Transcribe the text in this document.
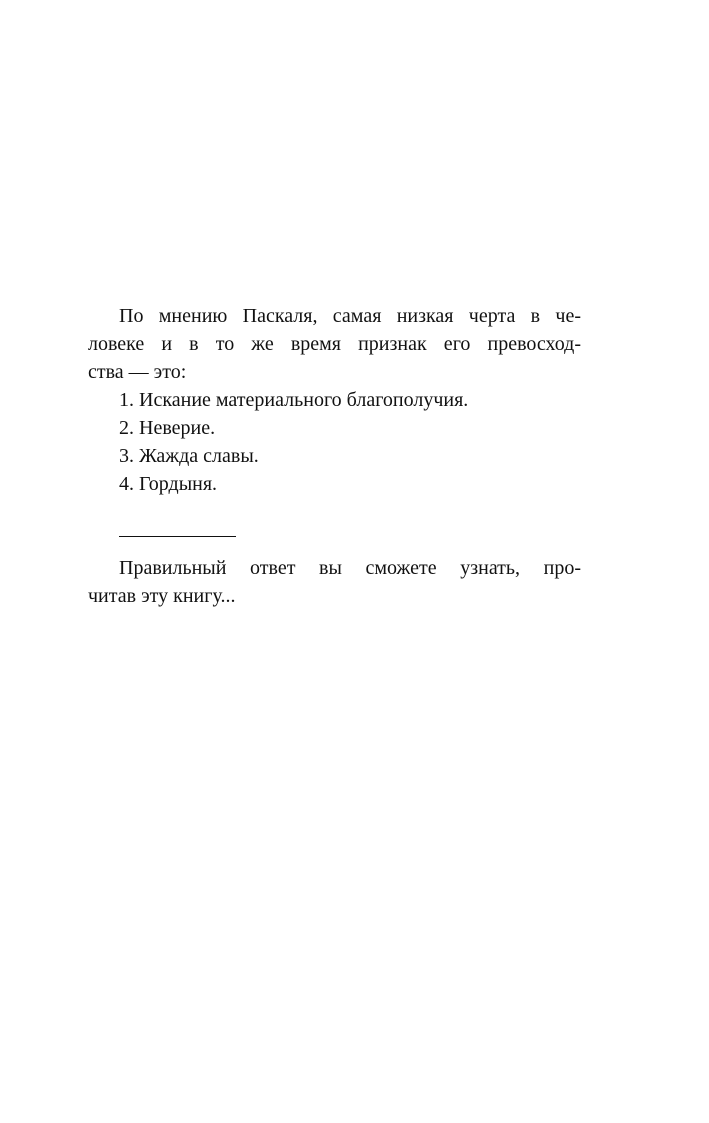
По мнению Паскаля, самая низкая черта в че-
ловеке и в то же время признак его превосход-
ства — это:
1. Искание материального благополучия.
2. Неверие.
3. Жажда славы.
4. Гордыня.
Правильный ответ вы сможете узнать, про-
читав эту книгу...
